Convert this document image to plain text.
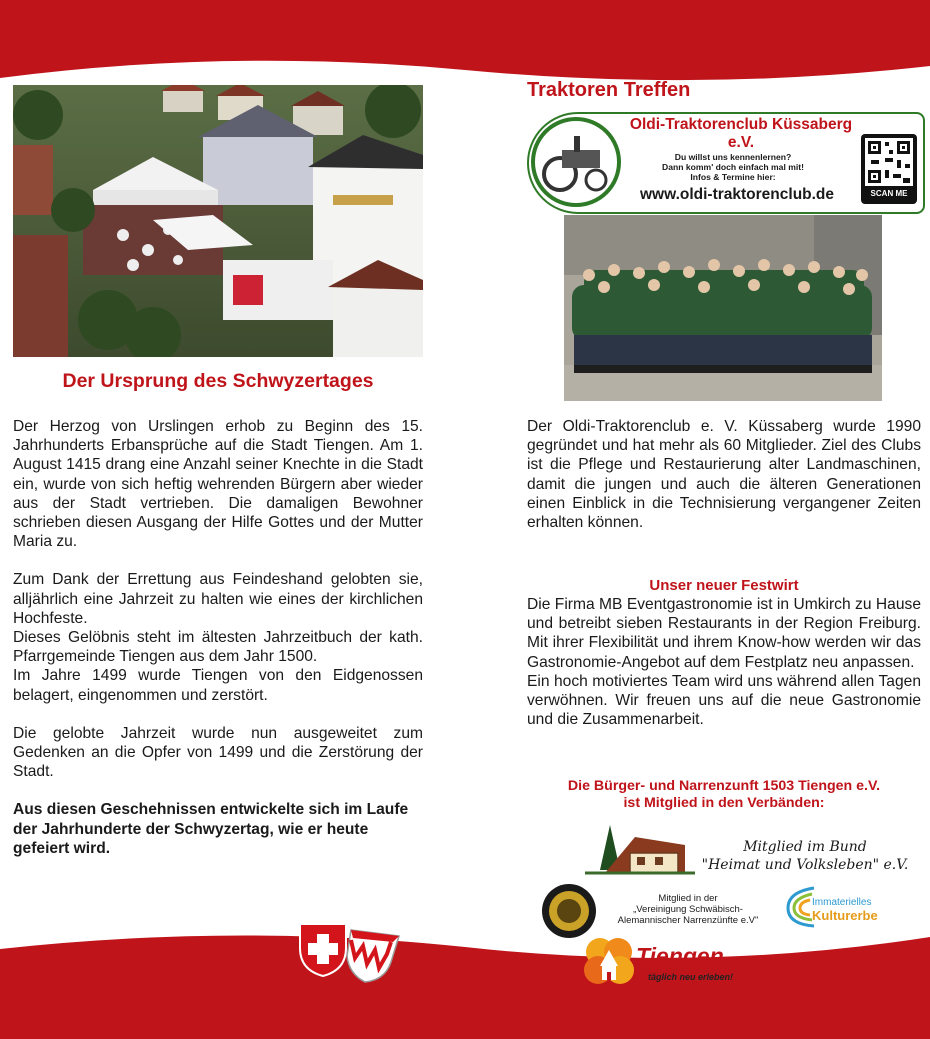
Der Ursprung des Schwyzertages

Der Herzog von Urslingen erhob zu Beginn des 15. Jahrhunderts Erbansprüche auf die Stadt Tiengen. Am 1. August 1415 drang eine Anzahl seiner Knechte in die Stadt ein, wurde von sich heftig wehrenden Bürgern aber wieder aus der Stadt vertrieben. Die damaligen Bewohner schrieben diesen Ausgang der Hilfe Gottes und der Mutter Maria zu.

Zum Dank der Errettung aus Feindeshand gelobten sie, alljährlich eine Jahrzeit zu halten wie eines der kirchlichen Hochfeste.

Dieses Gelöbnis steht im ältesten Jahrzeitbuch der kath. Pfarrgemeinde Tiengen aus dem Jahr 1500.

Im Jahre 1499 wurde Tiengen von den Eidgenossen belagert, eingenommen und zerstört.

Die gelobte Jahrzeit wurde nun ausgeweitet zum Gedenken an die Opfer von 1499 und die Zerstörung der Stadt.

Aus diesen Geschehnissen entwickelte sich im Laufe der Jahrhunderte der Schwyzertag, wie er heute gefeiert wird.

Traktoren Treffen
Oldi-Traktorenclub Küssaberg e.V.
Du willst uns kennenlernen?
Dann komm' doch einfach mal mit!
Infos & Termine hier:
www.oldi-traktorenclub.de	SCAN ME
Der Oldi-Traktorenclub e. V. Küssaberg wurde 1990 gegründet und hat mehr als 60 Mitglieder. Ziel des Clubs ist die Pflege und Restaurierung alter Landmaschinen, damit die jungen und auch die älteren Generationen einen Einblick in die Technisierung vergangener Zeiten erhalten können.
Unser neuer Festwirt

Die Firma MB Eventgastronomie ist in Umkirch zu Hause und betreibt sieben Restaurants in der Region Freiburg. Mit ihrer Flexibilität und ihrem Know-how werden wir das Gastronomie-Angebot auf dem Festplatz neu anpassen.

Ein hoch motiviertes Team wird uns während allen Tagen verwöhnen. Wir freuen uns auf die neue Gastronomie und die Zusammenarbeit.

Die Bürger- und Narrenzunft 1503 Tiengen e.V.
ist Mitglied in den Verbänden:
Mitglied im Bund
"Heimat und Volksleben" e.V.
Mitglied in der
„Vereinigung Schwäbisch-
Alemannischer Narrenzünfte e.V"
Immaterielles
Kulturerbe
Tiengen
täglich neu erleben!
